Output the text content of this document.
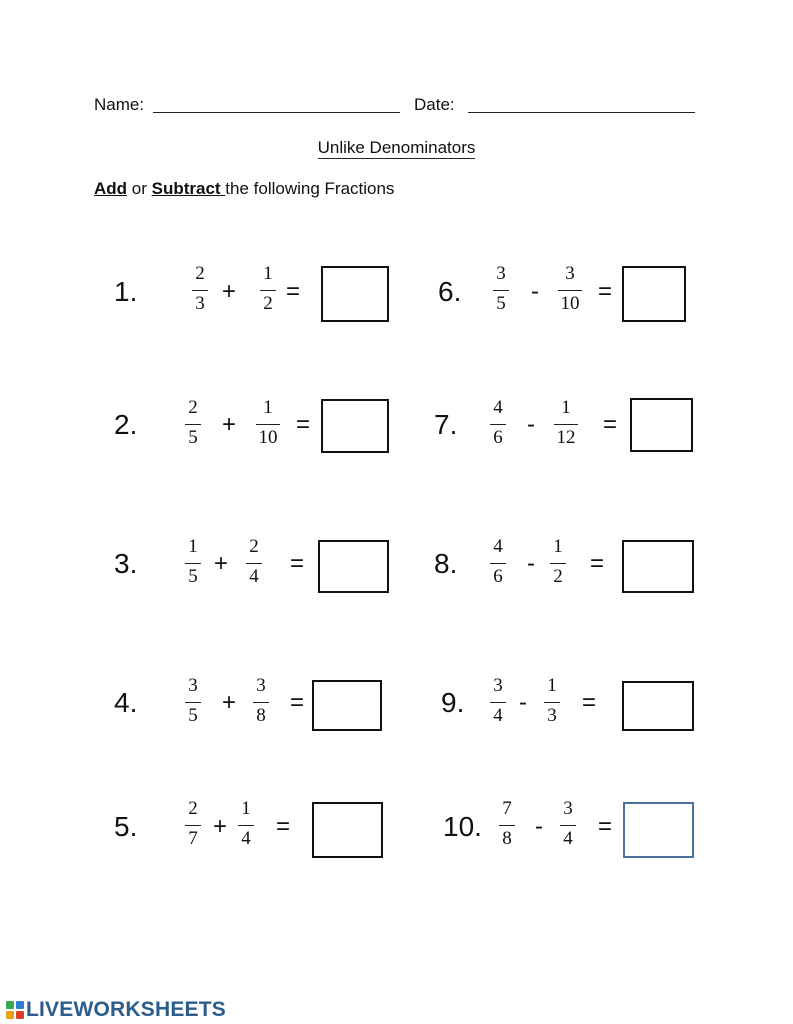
Name:	Date:
Unlike Denominators
Add or Subtract the following Fractions
1.
2
3 +
1
2 =
2.
2
5	+
1
10 =
3.
1
5 +
2
4	=
4.
3
5	+
3
8	=
5.
2
7 +
1
4	=
6.
3
5	-
3
10 =
7.
4
6	-
1
12	=
8.
4
6	-
1
2	=
9.
3
4 -
1
3	=
10.
7
8 -
3
4	=
LIVEWORKSHEETS
